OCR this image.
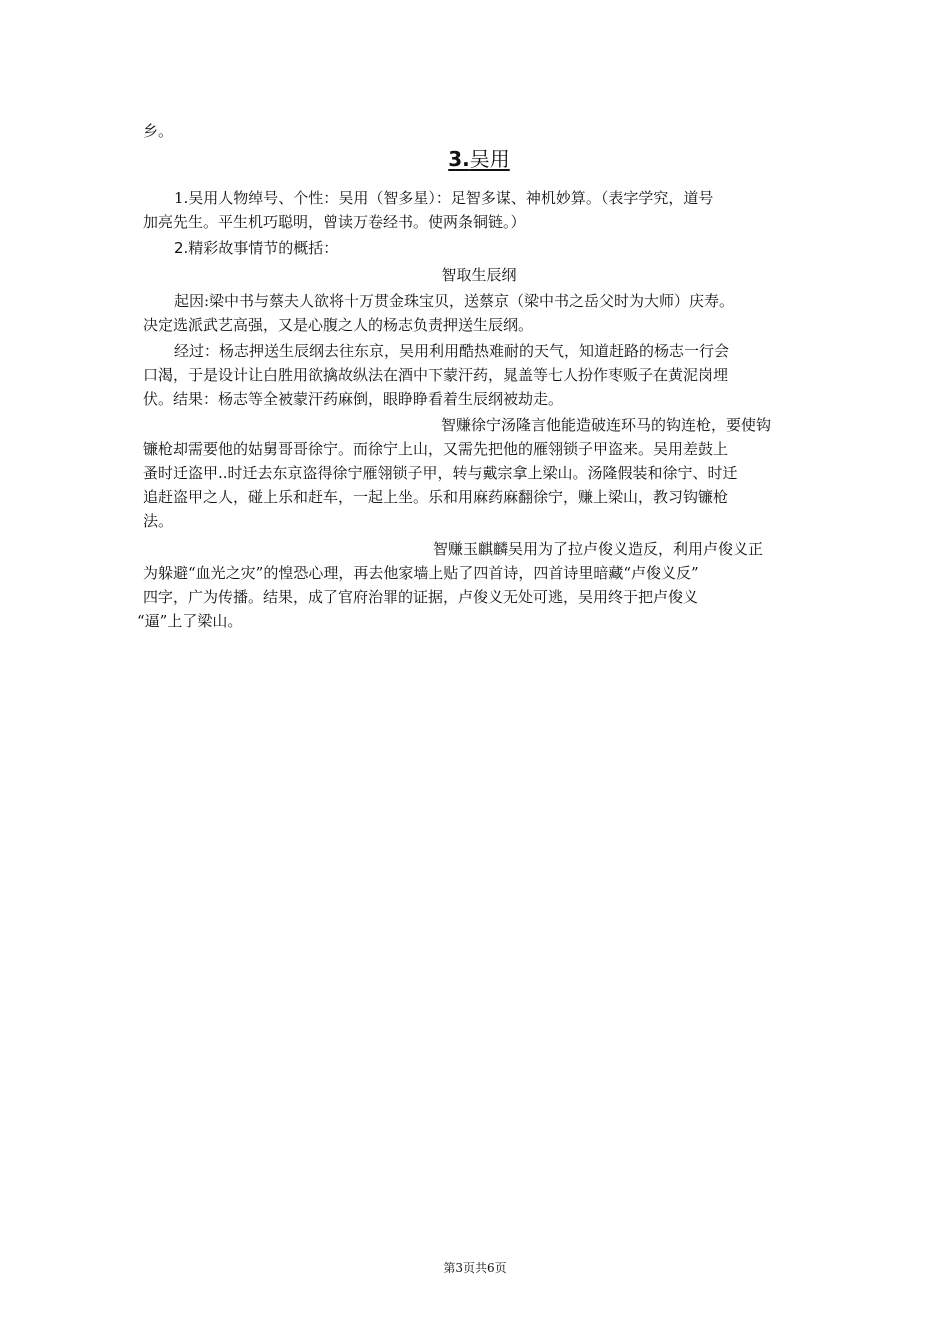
乡。
3.吴用
1.吴用人物绰号、个性：吴用（智多星）：足智多谋、神机妙算。（表字学究，道号
加亮先生。平生机巧聪明，曾读万卷经书。使两条铜链。）
2.精彩故事情节的概括：
智取生辰纲
起因:梁中书与蔡夫人欲将十万贯金珠宝贝，送蔡京（梁中书之岳父时为大师）庆寿。
决定选派武艺高强，又是心腹之人的杨志负责押送生辰纲。
经过：杨志押送生辰纲去往东京，吴用利用酷热难耐的天气，知道赶路的杨志一行会
口渴，于是设计让白胜用欲擒故纵法在酒中下蒙汗药，晁盖等七人扮作枣贩子在黄泥岗埋
伏。结果：杨志等全被蒙汗药麻倒，眼睁睁看着生辰纲被劫走。
智赚徐宁汤隆言他能造破连环马的钩连枪，要使钩
镰枪却需要他的姑舅哥哥徐宁。而徐宁上山，又需先把他的雁翎锁子甲盗来。吴用差鼓上
蚤时迁盗甲..时迁去东京盗得徐宁雁翎锁子甲，转与戴宗拿上梁山。汤隆假装和徐宁、时迁
追赶盗甲之人，碰上乐和赶车，一起上坐。乐和用麻药麻翻徐宁，赚上梁山，教习钩镰枪
法。
智赚玉麒麟吴用为了拉卢俊义造反，利用卢俊义正
为躲避“血光之灾”的惶恐心理，再去他家墙上贴了四首诗，四首诗里暗藏“卢俊义反”
四字，广为传播。结果，成了官府治罪的证据，卢俊义无处可逃，吴用终于把卢俊义
“逼”上了梁山。
第3页共6页
